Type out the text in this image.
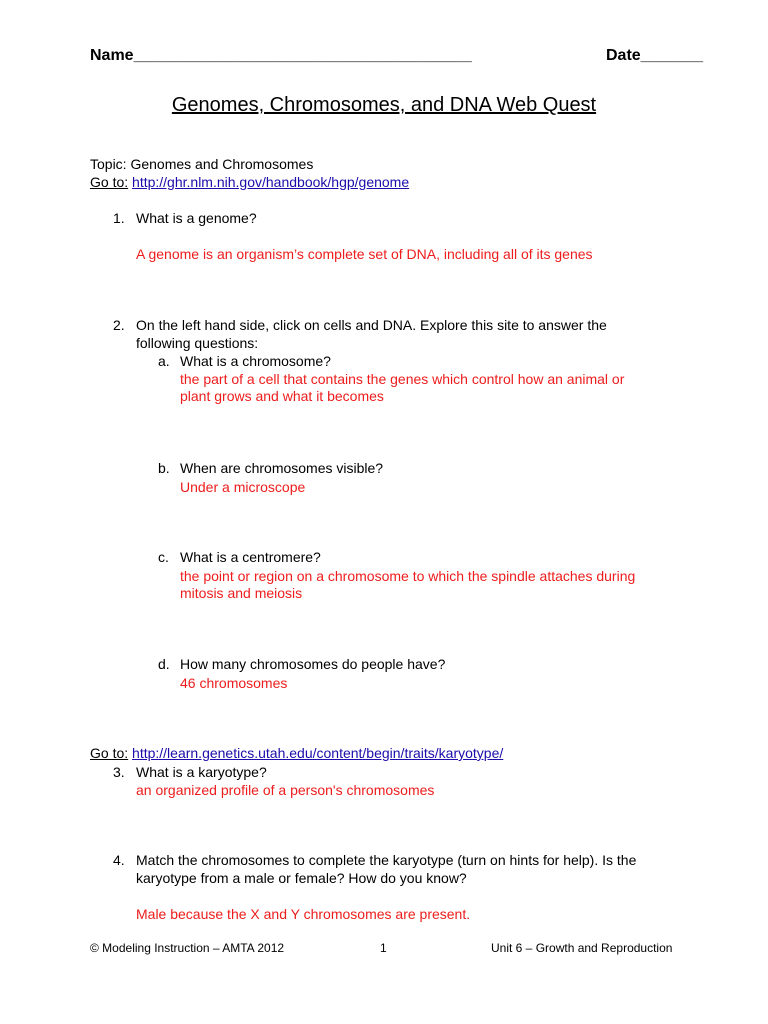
Name______________________________________	Date_______
Genomes, Chromosomes, and DNA Web Quest
Topic: Genomes and Chromosomes
Go to: http://ghr.nlm.nih.gov/handbook/hgp/genome
1. What is a genome?
A genome is an organism’s complete set of DNA, including all of its genes
2. On the left hand side, click on cells and DNA. Explore this site to answer the
following questions:
a. What is a chromosome?
the part of a cell that contains the genes which control how an animal or
plant grows and what it becomes
b. When are chromosomes visible?
Under a microscope
c. What is a centromere?
the point or region on a chromosome to which the spindle attaches during
mitosis and meiosis
d. How many chromosomes do people have?
46 chromosomes
Go to: http://learn.genetics.utah.edu/content/begin/traits/karyotype/
3. What is a karyotype?
an organized profile of a person's chromosomes
4. Match the chromosomes to complete the karyotype (turn on hints for help). Is the
karyotype from a male or female? How do you know?
Male because the X and Y chromosomes are present.
© Modeling Instruction – AMTA 2012	1	Unit 6 – Growth and Reproduction
